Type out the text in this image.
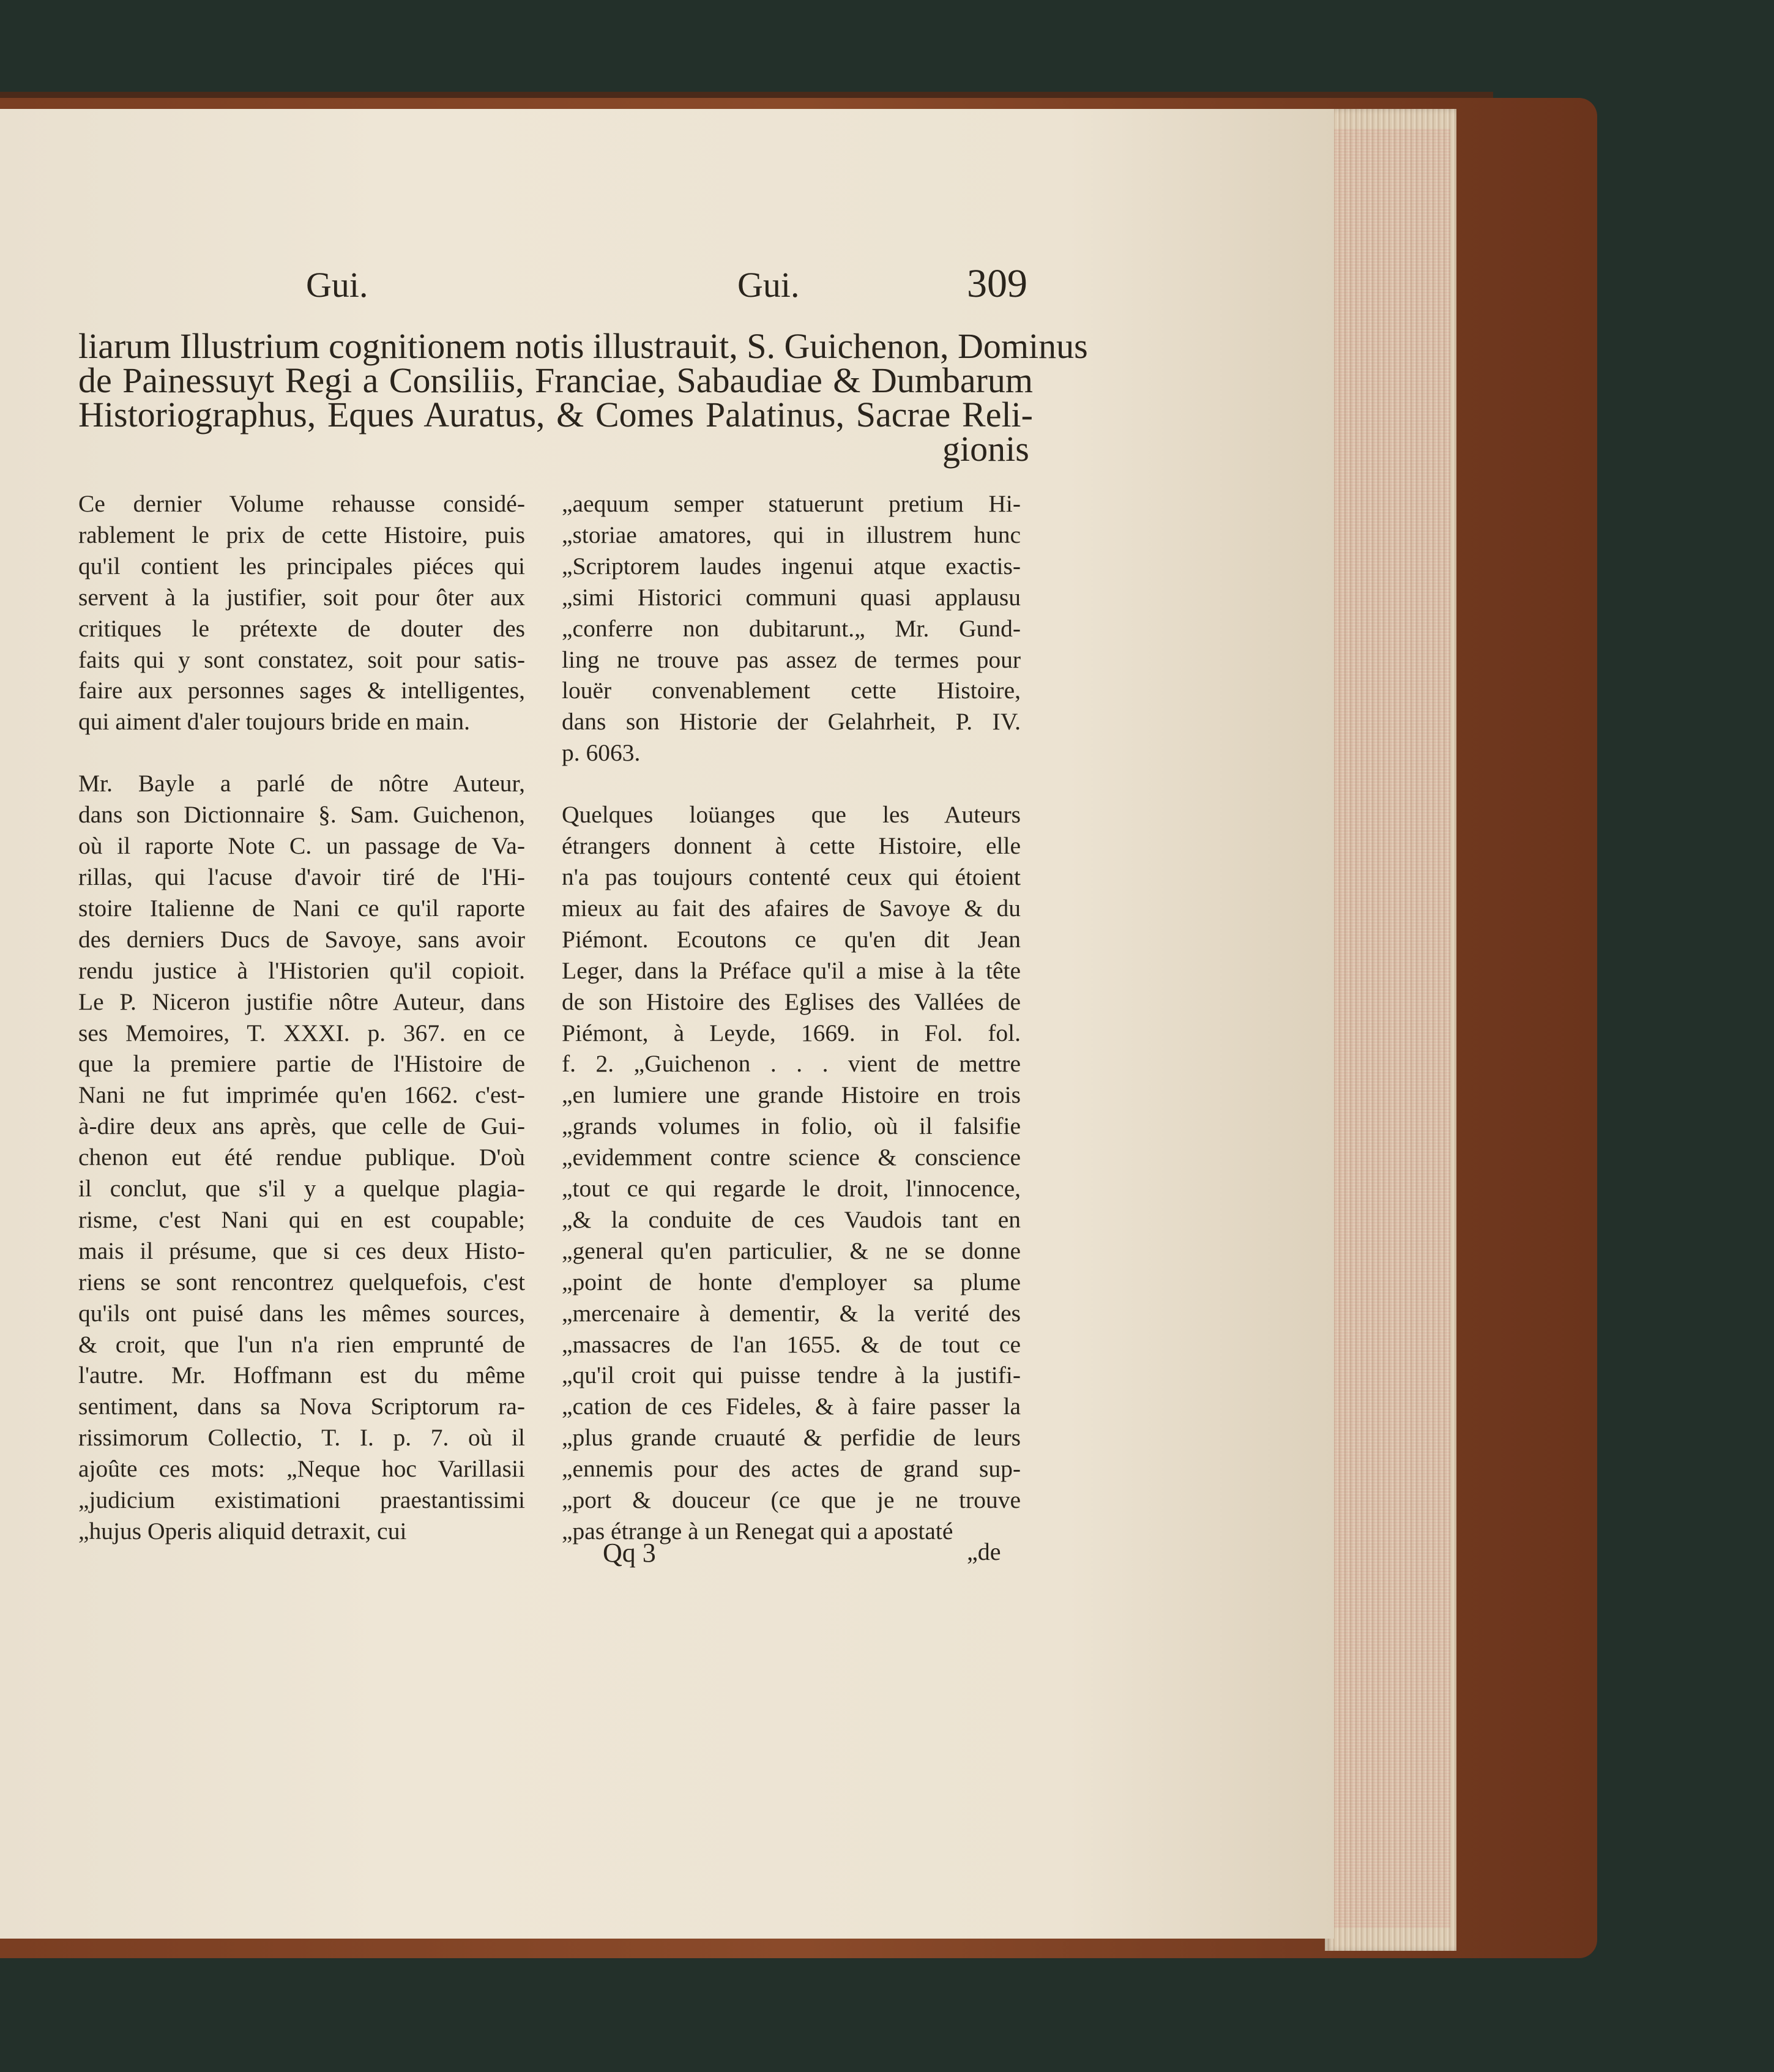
Gui.	Gui.	309
liarum Illustrium cognitionem notis illustrauit, S. Guichenon, Dominus
de Painessuyt Regi a Consiliis, Franciae, Sabaudiae & Dumbarum
Historiographus, Eques Auratus, & Comes Palatinus, Sacrae Reli-
gionis

Ce dernier Volume rehausse considé-

rablement le prix de cette Histoire, puis

qu'il contient les principales piéces qui

servent à la justifier, soit pour ôter aux

critiques le prétexte de douter des

faits qui y sont constatez, soit pour satis-

faire aux personnes sages & intelligentes,

qui aiment d'aler toujours bride en main.

Mr. Bayle a parlé de nôtre Auteur,

dans son Dictionnaire §. Sam. Guichenon,

où il raporte Note C. un passage de Va-

rillas, qui l'acuse d'avoir tiré de l'Hi-

stoire Italienne de Nani ce qu'il raporte

des derniers Ducs de Savoye, sans avoir

rendu justice à l'Historien qu'il copioit.

Le P. Niceron justifie nôtre Auteur, dans

ses Memoires, T. XXXI. p. 367. en ce

que la premiere partie de l'Histoire de

Nani ne fut imprimée qu'en 1662. c'est-

à-dire deux ans après, que celle de Gui-

chenon eut été rendue publique. D'où

il conclut, que s'il y a quelque plagia-

risme, c'est Nani qui en est coupable;

mais il présume, que si ces deux Histo-

riens se sont rencontrez quelquefois, c'est

qu'ils ont puisé dans les mêmes sources,

& croit, que l'un n'a rien emprunté de

l'autre. Mr. Hoffmann est du même

sentiment, dans sa Nova Scriptorum ra-

rissimorum Collectio, T. I. p. 7. où il

ajoûte ces mots: „Neque hoc Varillasii

„judicium existimationi praestantissimi

„hujus Operis aliquid detraxit, cui

„aequum semper statuerunt pretium Hi-

„storiae amatores, qui in illustrem hunc

„Scriptorem laudes ingenui atque exactis-

„simi Historici communi quasi applausu

„conferre non dubitarunt.„ Mr. Gund-

ling ne trouve pas assez de termes pour

louër convenablement cette Histoire,

dans son Historie der Gelahrheit, P. IV.

p. 6063.

Quelques loüanges que les Auteurs

étrangers donnent à cette Histoire, elle

n'a pas toujours contenté ceux qui étoient

mieux au fait des afaires de Savoye & du

Piémont. Ecoutons ce qu'en dit Jean

Leger, dans la Préface qu'il a mise à la tête

de son Histoire des Eglises des Vallées de

Piémont, à Leyde, 1669. in Fol. fol.

f. 2. „Guichenon . . . vient de mettre

„en lumiere une grande Histoire en trois

„grands volumes in folio, où il falsifie

„evidemment contre science & conscience

„tout ce qui regarde le droit, l'innocence,

„& la conduite de ces Vaudois tant en

„general qu'en particulier, & ne se donne

„point de honte d'employer sa plume

„mercenaire à dementir, & la verité des

„massacres de l'an 1655. & de tout ce

„qu'il croit qui puisse tendre à la justifi-

„cation de ces Fideles, & à faire passer la

„plus grande cruauté & perfidie de leurs

„ennemis pour des actes de grand sup-

„port & douceur (ce que je ne trouve

„pas étrange à un Renegat qui a apostaté

Qq 3	„de
